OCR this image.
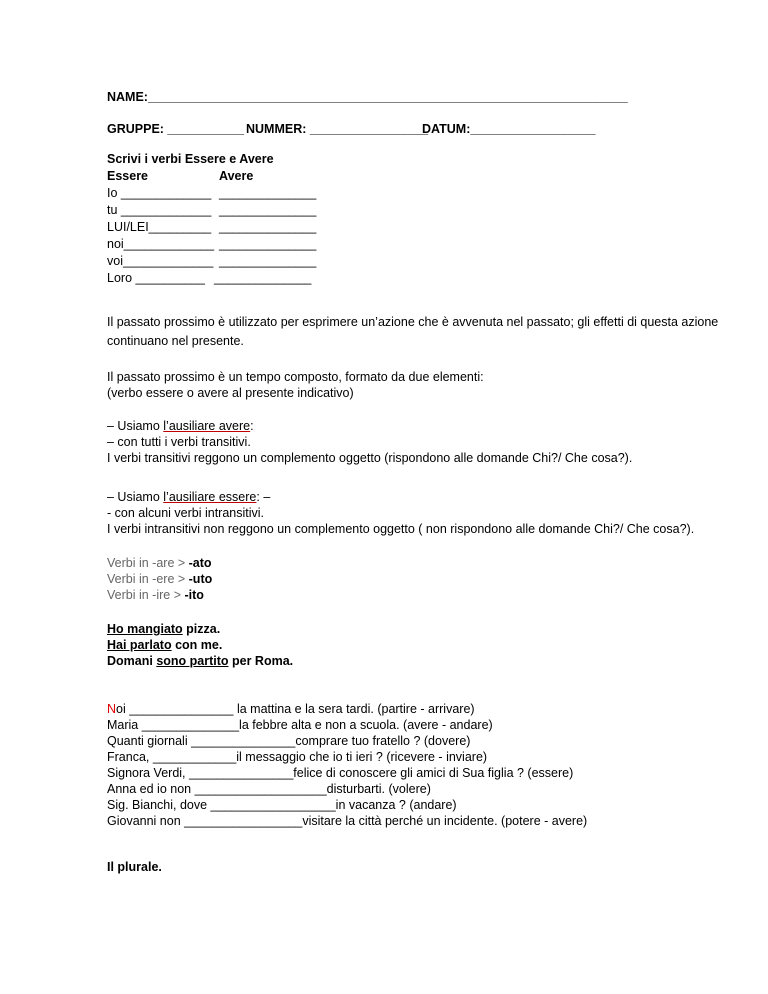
NAME:_____________________________________________________________________
GRUPPE: ___________ NUMMER: _________________
DATUM:__________________
Scrivi i verbi Essere e Avere
Essere	Avere
Io _____________ ______________
tu _____________ ______________
LUI/LEI_________ ______________
noi_____________ ______________
voi_____________ ______________
Loro __________ ______________
Il passato prossimo è utilizzato per esprimere un’azione che è avvenuta nel passato; gli effetti di questa azione
continuano nel presente.
Il passato prossimo è un tempo composto, formato da due elementi:
(verbo essere o avere al presente indicativo)
– Usiamo l’ausiliare avere:
– con tutti i verbi transitivi.
I verbi transitivi reggono un complemento oggetto (rispondono alle domande Chi?/ Che cosa?).
– Usiamo l’ausiliare essere: –
- con alcuni verbi intransitivi.
I verbi intransitivi non reggono un complemento oggetto ( non rispondono alle domande Chi?/ Che cosa?).
Verbi in -are > -ato
Verbi in -ere > -uto
Verbi in -ire > -ito
Ho mangiato pizza.
Hai parlato con me.
Domani sono partito per Roma.
Noi _______________ la mattina e la sera tardi. (partire - arrivare)
Maria ______________la febbre alta e non a scuola. (avere - andare)
Quanti giornali _______________comprare tuo fratello ? (dovere)
Franca, ____________il messaggio che io ti ieri ? (ricevere - inviare)
Signora Verdi, _______________felice di conoscere gli amici di Sua figlia ? (essere)
Anna ed io non ___________________disturbarti. (volere)
Sig. Bianchi, dove __________________in vacanza ? (andare)
Giovanni non _________________visitare la città perché un incidente. (potere - avere)
Il plurale.
